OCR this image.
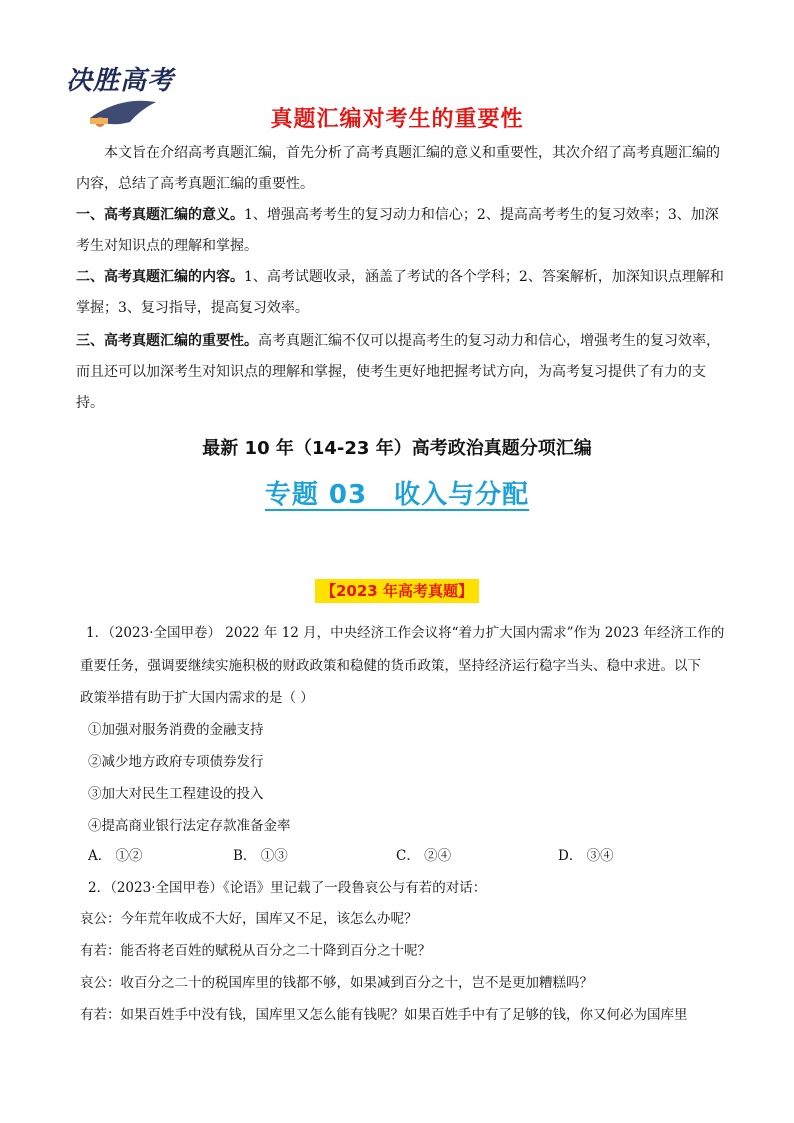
决胜高考
真题汇编对考生的重要性

本文旨在介绍高考真题汇编，首先分析了高考真题汇编的意义和重要性，其次介绍了高考真题汇编的内容，总结了高考真题汇编的重要性。

一、高考真题汇编的意义。1、增强高考考生的复习动力和信心；2、提高高考考生的复习效率；3、加深考生对知识点的理解和掌握。

二、高考真题汇编的内容。1、高考试题收录，涵盖了考试的各个学科；2、答案解析，加深知识点理解和掌握；3、复习指导，提高复习效率。

三、高考真题汇编的重要性。高考真题汇编不仅可以提高考生的复习动力和信心，增强考生的复习效率，而且还可以加深考生对知识点的理解和掌握，使考生更好地把握考试方向，为高考复习提供了有力的支持。

最新 10 年（14-23 年）高考政治真题分项汇编
专题 03　收入与分配
【2023 年高考真题】

1．（2023·全国甲卷） 2022 年 12 月，中央经济工作会议将“着力扩大国内需求”作为 2023 年经济工作的

重要任务，强调要继续实施积极的财政政策和稳健的货币政策，坚持经济运行稳字当头、稳中求进。以下

政策举措有助于扩大国内需求的是（ ）

①加强对服务消费的金融支持

②减少地方政府专项债券发行

③加大对民生工程建设的投入

④提高商业银行法定存款准备金率

A． ①②	B． ①③	C． ②④	D． ③④

2．（2023·全国甲卷）《论语》里记载了一段鲁哀公与有若的对话：

哀公：今年荒年收成不大好，国库又不足，该怎么办呢？

有若：能否将老百姓的赋税从百分之二十降到百分之十呢？

哀公：收百分之二十的税国库里的钱都不够，如果减到百分之十，岂不是更加糟糕吗？

有若：如果百姓手中没有钱，国库里又怎么能有钱呢？如果百姓手中有了足够的钱，你又何必为国库里
